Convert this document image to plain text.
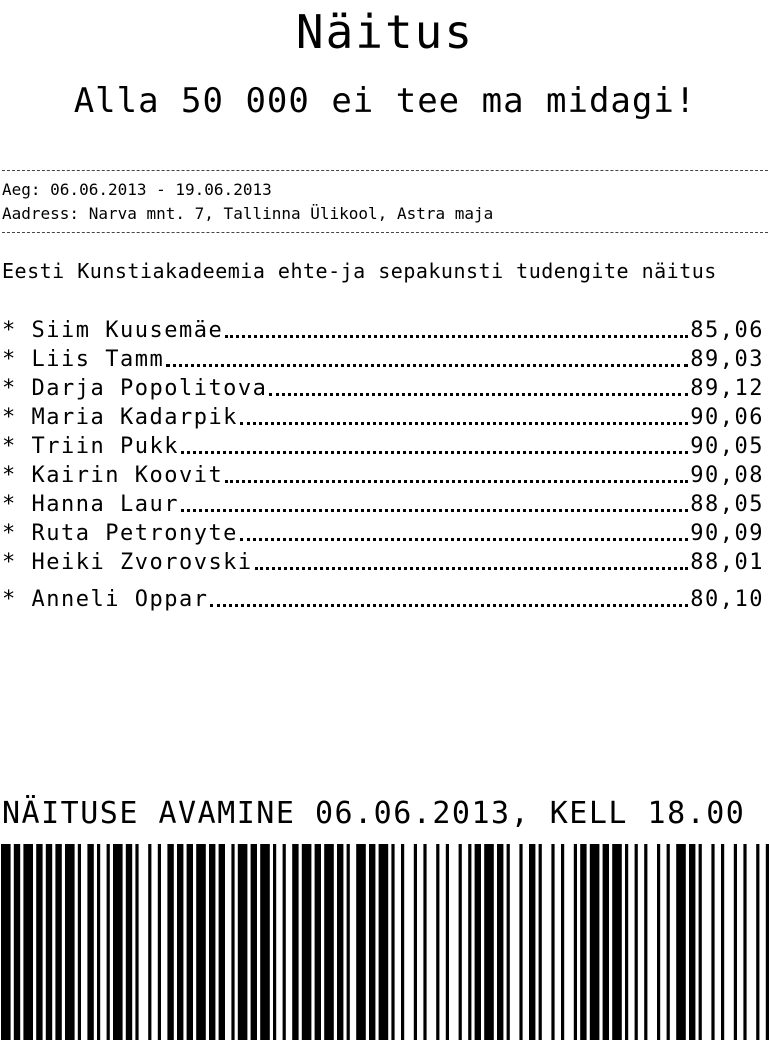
Näitus
Alla 50 000 ei tee ma midagi!
Aeg: 06.06.2013 - 19.06.2013
Aadress: Narva mnt. 7, Tallinna Ülikool, Astra maja
Eesti Kunstiakadeemia ehte-ja sepakunsti tudengite näitus
*
Siim Kuusemäe	85,06
*
Liis Tamm	89,03
*
Darja Popolitova	89,12
*
Maria Kadarpik	90,06
*
Triin Pukk	90,05
*
Kairin Koovit	90,08
*
Hanna Laur	88,05
*
Ruta Petronyte	90,09
*
Heiki Zvorovski	88,01
*
Anneli Oppar	80,10
NÄITUSE AVAMINE 06.06.2013, KELL 18.00
